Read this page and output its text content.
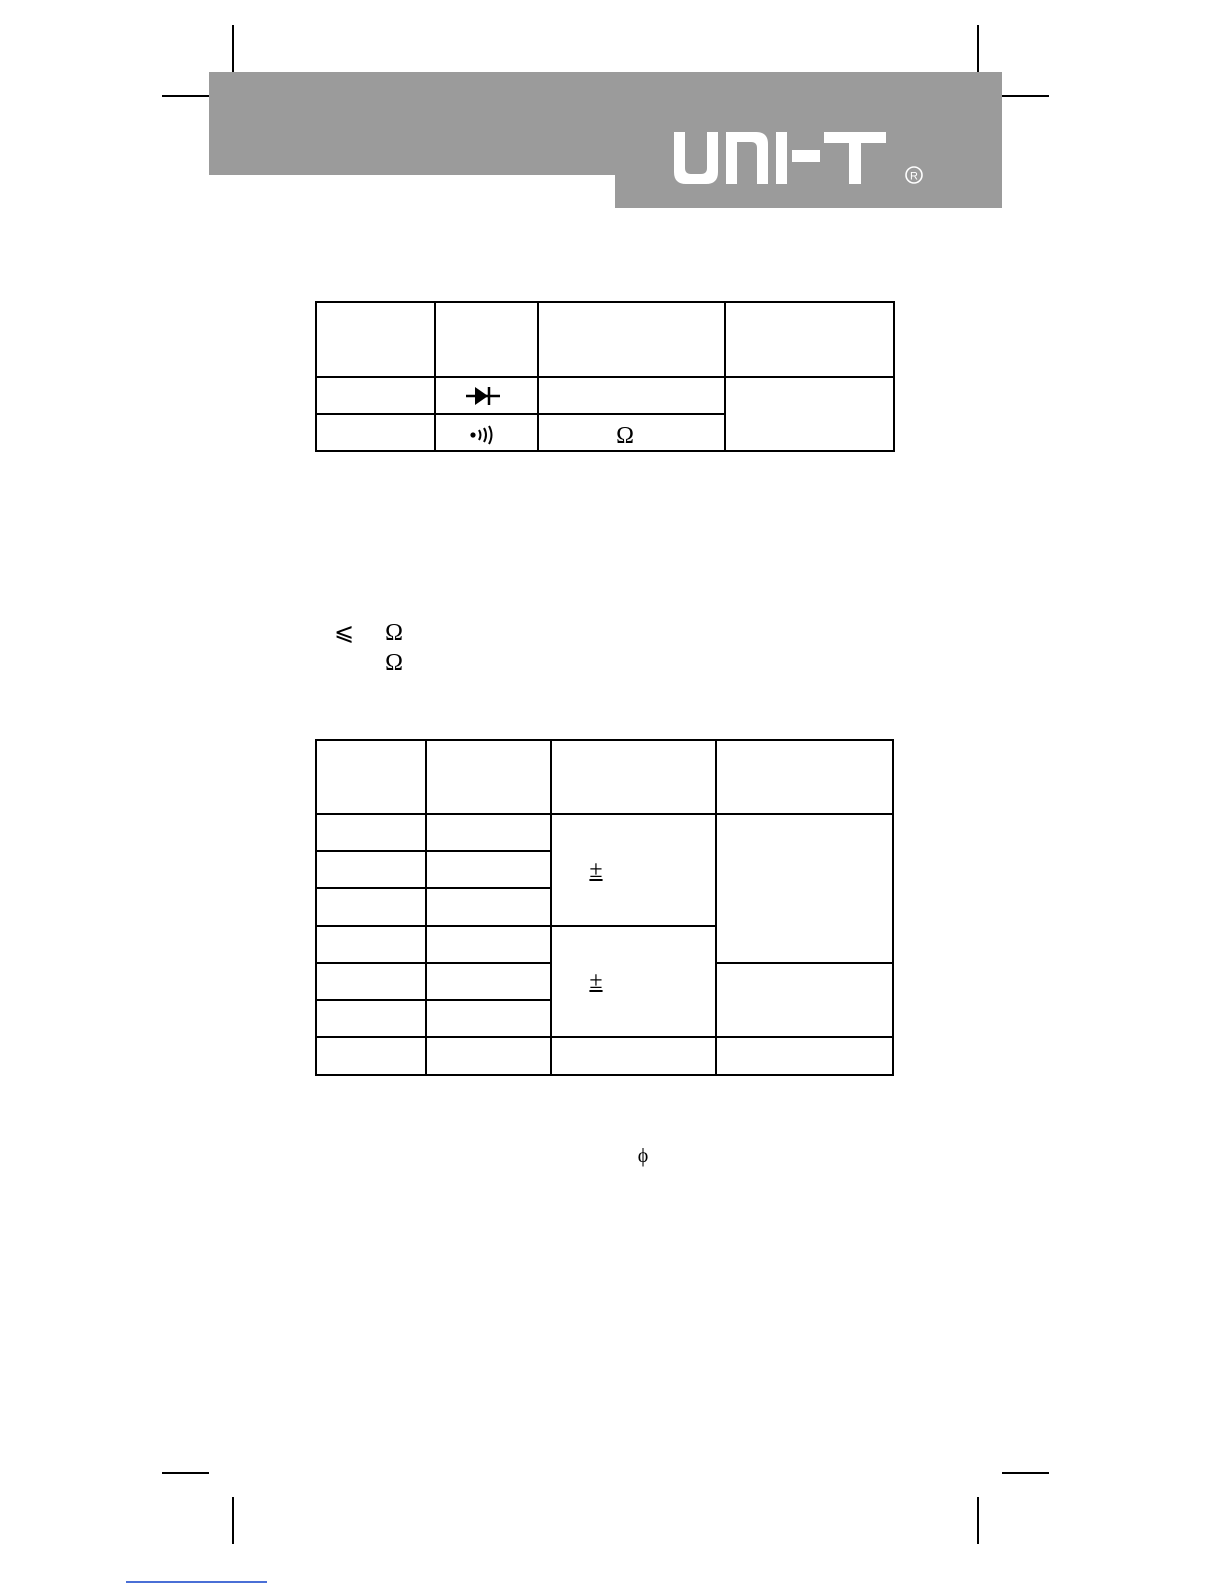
R
Ω
⩽ Ω
Ω
±
±
ϕ
